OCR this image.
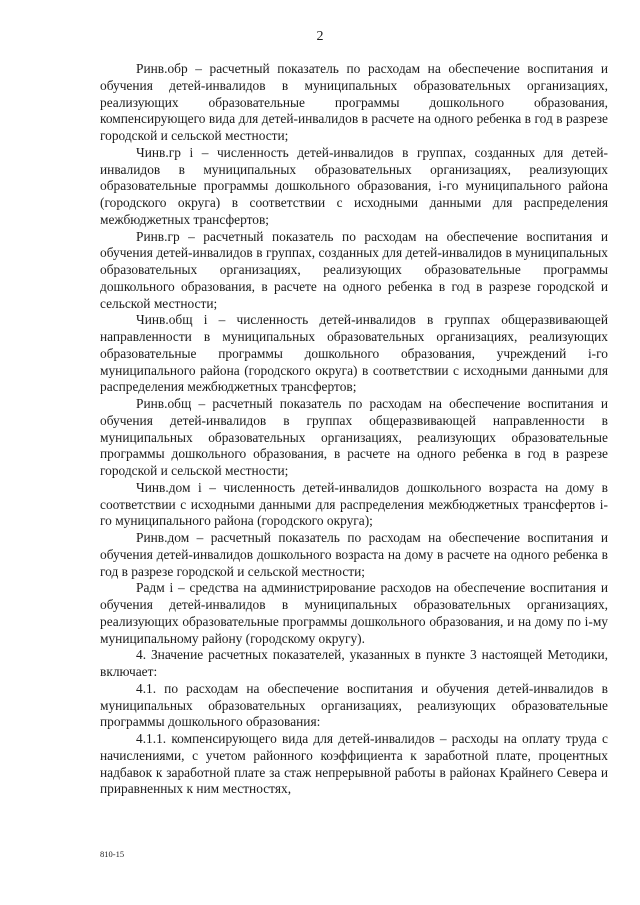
2

Ринв.обр – расчетный показатель по расходам на обеспечение воспитания и обучения детей-инвалидов в муниципальных образовательных организациях, реализующих образовательные программы дошкольного образования, компенсирующего вида для детей-инвалидов в расчете на одного ребенка в год в разрезе городской и сельской местности;

Чинв.гр i – численность детей-инвалидов в группах, созданных для детей-инвалидов в муниципальных образовательных организациях, реализующих образовательные программы дошкольного образования, i-го муниципального района (городского округа) в соответствии с исходными данными для распределения межбюджетных трансфертов;

Ринв.гр – расчетный показатель по расходам на обеспечение воспитания и обучения детей-инвалидов в группах, созданных для детей-инвалидов в муниципальных образовательных организациях, реализующих образовательные программы дошкольного образования, в расчете на одного ребенка в год в разрезе городской и сельской местности;

Чинв.общ i – численность детей-инвалидов в группах общеразвивающей направленности в муниципальных образовательных организациях, реализующих образовательные программы дошкольного образования, учреждений i-го муниципального района (городского округа) в соответствии с исходными данными для распределения межбюджетных трансфертов;

Ринв.общ – расчетный показатель по расходам на обеспечение воспитания и обучения детей-инвалидов в группах общеразвивающей направленности в муниципальных образовательных организациях, реализующих образовательные программы дошкольного образования, в расчете на одного ребенка в год в разрезе городской и сельской местности;

Чинв.дом i – численность детей-инвалидов дошкольного возраста на дому в соответствии с исходными данными для распределения межбюджетных трансфертов i-го муниципального района (городского округа);

Ринв.дом – расчетный показатель по расходам на обеспечение воспитания и обучения детей-инвалидов дошкольного возраста на дому в расчете на одного ребенка в год в разрезе городской и сельской местности;

Радм i – средства на администрирование расходов на обеспечение воспитания и обучения детей-инвалидов в муниципальных образовательных организациях, реализующих образовательные программы дошкольного образования, и на дому по i-му муниципальному району (городскому округу).

4. Значение расчетных показателей, указанных в пункте 3 настоящей Методики, включает:

4.1. по расходам на обеспечение воспитания и обучения детей-инвалидов в муниципальных образовательных организациях, реализующих образовательные программы дошкольного образования:

4.1.1. компенсирующего вида для детей-инвалидов – расходы на оплату труда с начислениями, с учетом районного коэффициента к заработной плате, процентных надбавок к заработной плате за стаж непрерывной работы в районах Крайнего Севера и приравненных к ним местностях,

810-15
